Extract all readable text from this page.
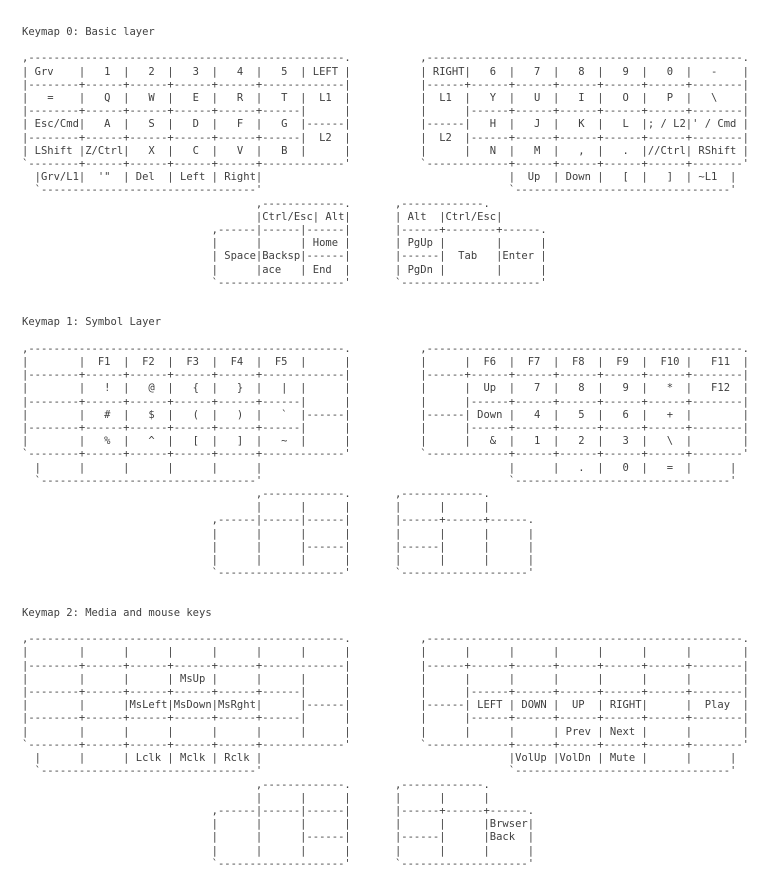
Keymap 0: Basic layer
,--------------------------------------------------.           ,--------------------------------------------------.
| Grv    |   1  |   2  |   3  |   4  |   5  | LEFT |           | RIGHT|   6  |   7  |   8  |   9  |   0  |   -    |
|--------+------+------+------+------+-------------|           |------+------+------+------+------+------+--------|
|   =    |   Q  |   W  |   E  |   R  |   T  |  L1  |           |  L1  |   Y  |   U  |   I  |   O  |   P  |   \    |
|--------+------+------+------+------+------|      |           |      |------+------+------+------+------+--------|
| Esc/Cmd|   A  |   S  |   D  |   F  |   G  |------|           |------|   H  |   J  |   K  |   L  |; / L2|' / Cmd |
|--------+------+------+------+------+------|  L2  |           |  L2  |------+------+------+------+------+--------|
| LShift |Z/Ctrl|   X  |   C  |   V  |   B  |      |           |      |   N  |   M  |   ,  |   .  |//Ctrl| RShift |
`--------+------+------+------+------+-------------'           `-------------+------+------+------+------+--------'
|Grv/L1|  '"  | Del  | Left | Right|                                       |  Up  | Down |   [  |   ]  | ~L1  |
`----------------------------------'                                       `----------------------------------'
,-------------.       ,-------------.
|Ctrl/Esc| Alt|       | Alt  |Ctrl/Esc|
,------|------|------|       |------+--------+------.
|      |      | Home |       | PgUp |        |      |
| Space|Backsp|------|       |------|  Tab   |Enter |
|      |ace   | End  |       | PgDn |        |      |
`--------------------'       `----------------------'
Keymap 1: Symbol Layer
,--------------------------------------------------.           ,--------------------------------------------------.
|        |  F1  |  F2  |  F3  |  F4  |  F5  |      |           |      |  F6  |  F7  |  F8  |  F9  |  F10 |   F11  |
|--------+------+------+------+------+-------------|           |------+------+------+------+------+------+--------|
|        |   !  |   @  |   {  |   }  |   |  |      |           |      |  Up  |   7  |   8  |   9  |   *  |   F12  |
|--------+------+------+------+------+------|      |           |      |------+------+------+------+------+--------|
|        |   #  |   $  |   (  |   )  |   `  |------|           |------| Down |   4  |   5  |   6  |   +  |        |
|--------+------+------+------+------+------|      |           |      |------+------+------+------+------+--------|
|        |   %  |   ^  |   [  |   ]  |   ~  |      |           |      |   &  |   1  |   2  |   3  |   \  |        |
`--------+------+------+------+------+-------------'           `-------------+------+------+------+------+--------'
|      |      |      |      |      |                                       |      |   .  |   0  |   =  |      |
`----------------------------------'                                       `----------------------------------'
,-------------.       ,-------------.
|      |      |       |      |      |
,------|------|------|       |------+------+------.
|      |      |      |       |      |      |      |
|      |      |------|       |------|      |      |
|      |      |      |       |      |      |      |
`--------------------'       `--------------------'
Keymap 2: Media and mouse keys
,--------------------------------------------------.           ,--------------------------------------------------.
|        |      |      |      |      |      |      |           |      |      |      |      |      |      |        |
|--------+------+------+------+------+-------------|           |------+------+------+------+------+------+--------|
|        |      |      | MsUp |      |      |      |           |      |      |      |      |      |      |        |
|--------+------+------+------+------+------|      |           |      |------+------+------+------+------+--------|
|        |      |MsLeft|MsDown|MsRght|      |------|           |------| LEFT | DOWN |  UP  | RIGHT|      |  Play  |
|--------+------+------+------+------+------|      |           |      |------+------+------+------+------+--------|
|        |      |      |      |      |      |      |           |      |      |      | Prev | Next |      |        |
`--------+------+------+------+------+-------------'           `-------------+------+------+------+------+--------'
|      |      | Lclk | Mclk | Rclk |                                       |VolUp |VolDn | Mute |      |      |
`----------------------------------'                                       `----------------------------------'
,-------------.       ,-------------.
|      |      |       |      |      |
,------|------|------|       |------+------+------.
|      |      |      |       |      |      |Brwser|
|      |      |------|       |------|      |Back  |
|      |      |      |       |      |      |      |
`--------------------'       `--------------------'
